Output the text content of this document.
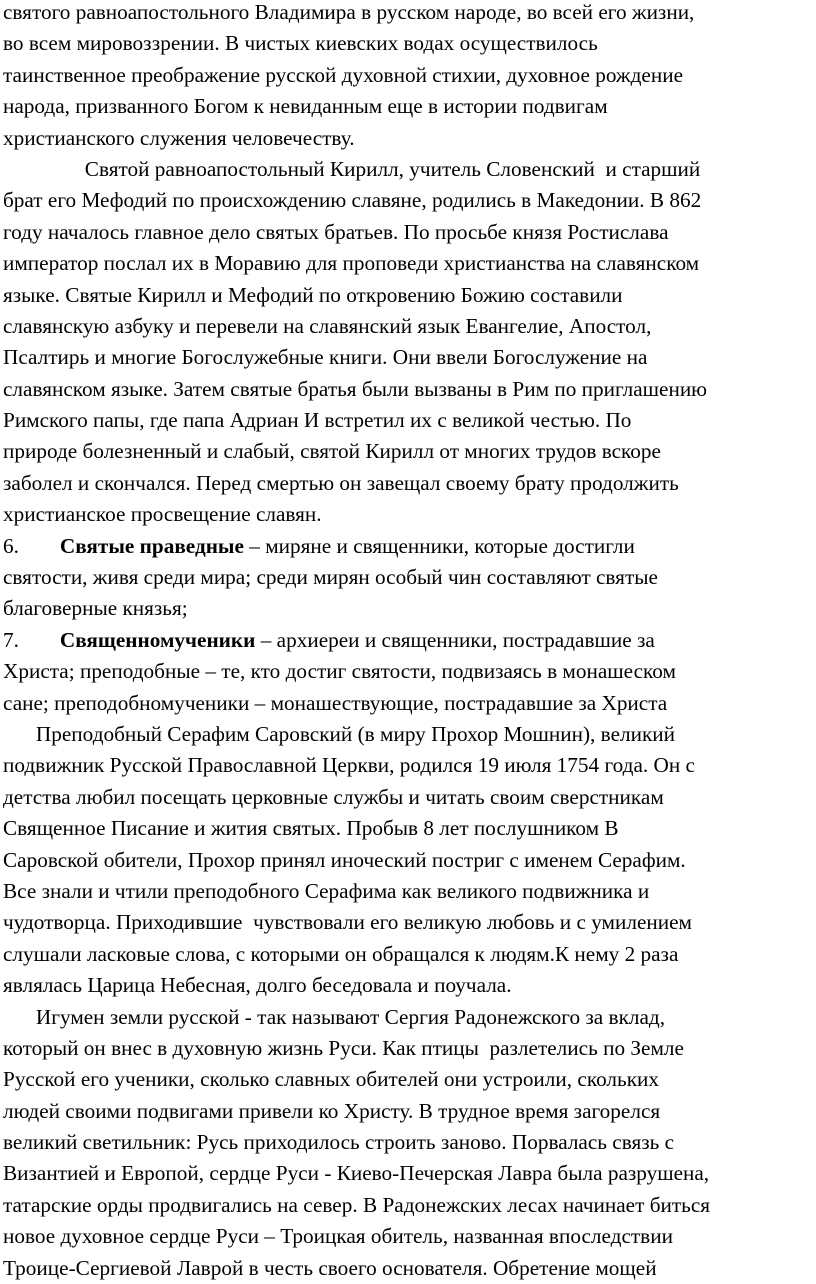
святого равноапостольного Владимира в русском народе, во всей его жизни,
во всем мировоззрении. В чистых киевских водах осуществилось
таинственное преображение русской духовной стихии, духовное рождение
народа, призванного Богом к невиданным еще в истории подвигам
христианского служения человечеству.
Святой равноапостольный Кирилл, учитель Словенский  и старший
брат его Мефодий по происхождению славяне, родились в Македонии. В 862
году началось главное дело святых братьев. По просьбе князя Ростислава
император послал их в Моравию для проповеди христианства на славянском
языке. Святые Кирилл и Мефодий по откровению Божию составили
славянскую азбуку и перевели на славянский язык Евангелие, Апостол,
Псалтирь и многие Богослужебные книги. Они ввели Богослужение на
славянском языке. Затем святые братья были вызваны в Рим по приглашению
Римского папы, где папа Адриан И встретил их с великой честью. По
природе болезненный и слабый, святой Кирилл от многих трудов вскоре
заболел и скончался. Перед смертью он завещал своему брату продолжить
христианское просвещение славян.
6. Святые праведные – миряне и священники, которые достигли
святости, живя среди мира; среди мирян особый чин составляют святые
благоверные князья;
7. Священномученики – архиереи и священники, пострадавшие за
Христа; преподобные – те, кто достиг святости, подвизаясь в монашеском
сане; преподобномученики – монашествующие, пострадавшие за Христа
Преподобный Серафим Саровский (в миру Прохор Мошнин), великий
подвижник Русской Православной Церкви, родился 19 июля 1754 года. Он с
детства любил посещать церковные службы и читать своим сверстникам
Священное Писание и жития святых. Пробыв 8 лет послушником В
Саровской обители, Прохор принял иноческий постриг с именем Серафим.
Все знали и чтили преподобного Серафима как великого подвижника и
чудотворца. Приходившие  чувствовали его великую любовь и с умилением
слушали ласковые слова, с которыми он обращался к людям.К нему 2 раза
являлась Царица Небесная, долго беседовала и поучала.
Игумен земли русской - так называют Сергия Радонежского за вклад,
который он внес в духовную жизнь Руси. Как птицы  разлетелись по Земле
Русской его ученики, сколько славных обителей они устроили, скольких
людей своими подвигами привели ко Христу. В трудное время загорелся
великий светильник: Русь приходилось строить заново. Порвалась связь с
Византией и Европой, сердце Руси - Киево-Печерская Лавра была разрушена,
татарские орды продвигались на север. В Радонежских лесах начинает биться
новое духовное сердце Руси – Троицкая обитель, названная впоследствии
Троице-Сергиевой Лаврой в честь своего основателя. Обретение мощей
